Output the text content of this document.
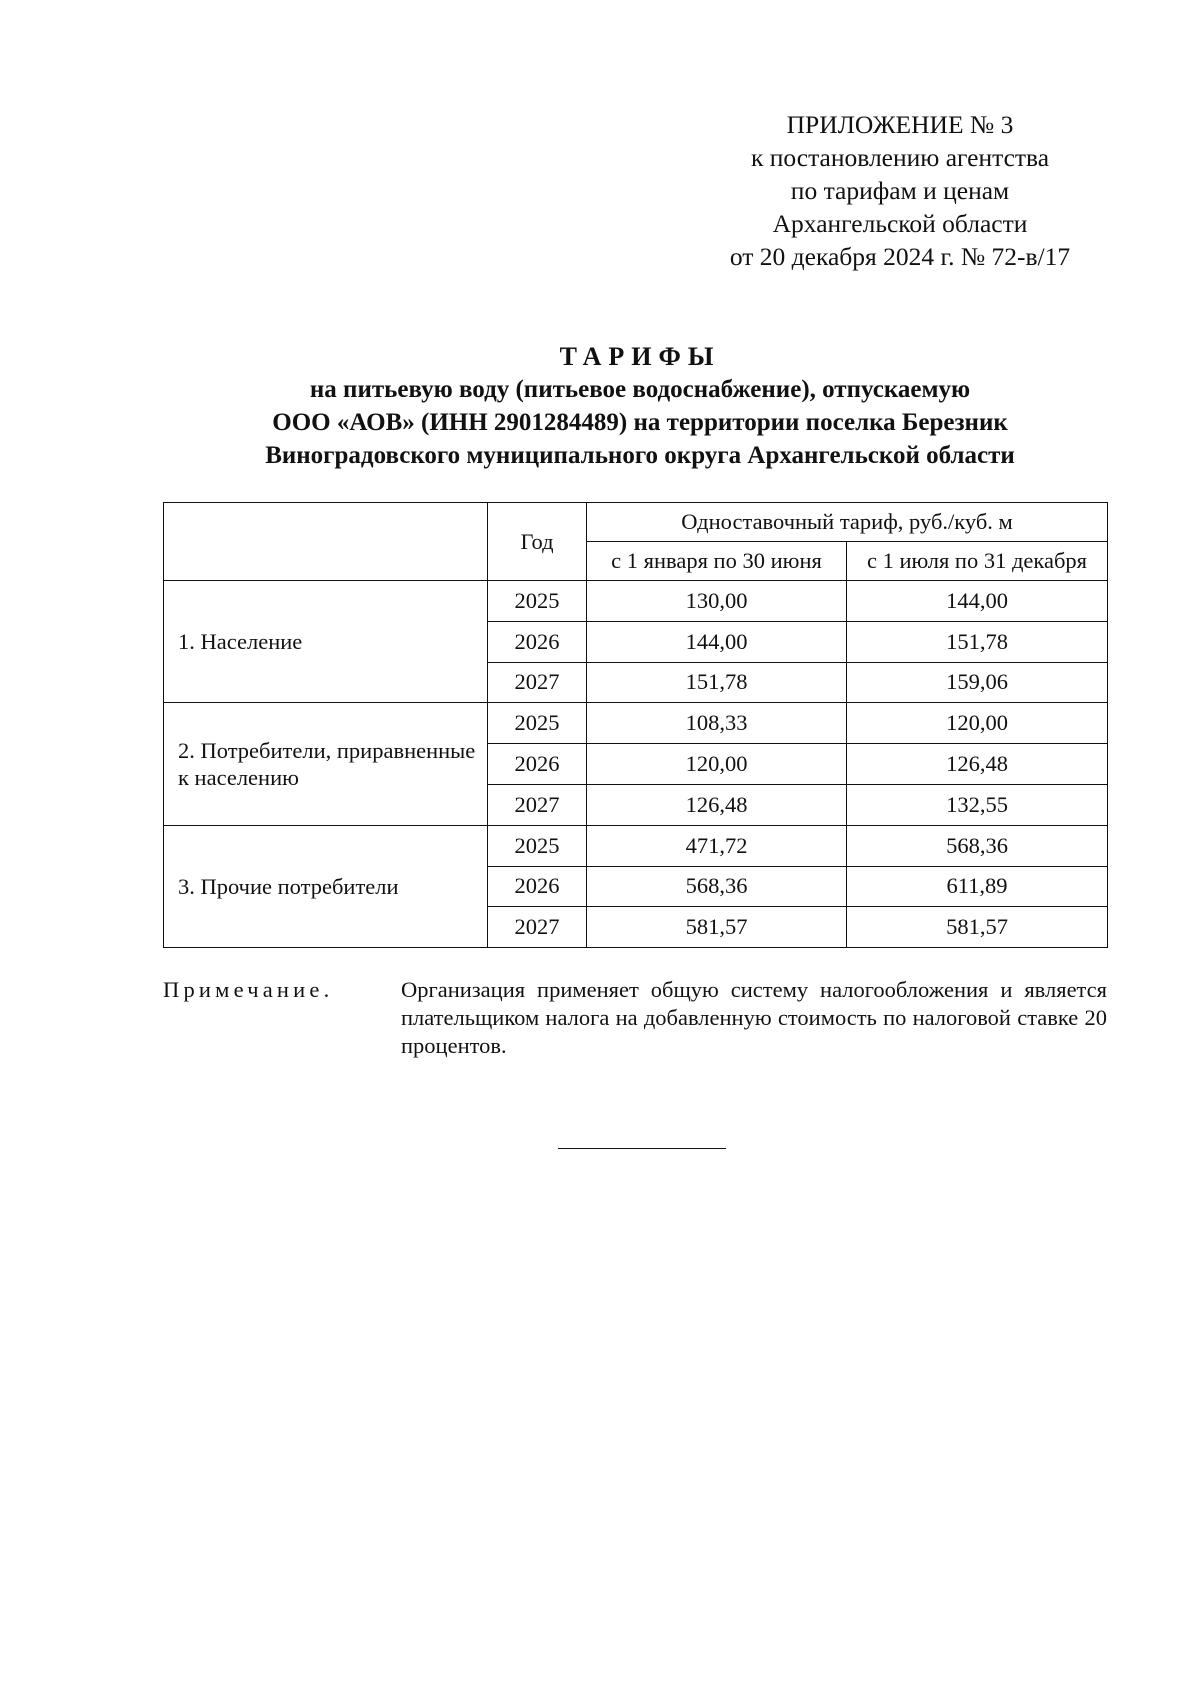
ПРИЛОЖЕНИЕ № 3
к постановлению агентства
по тарифам и ценам
Архангельской области
от 20 декабря 2024 г. № 72-в/17
ТАРИФЫ
на питьевую воду (питьевое водоснабжение), отпускаемую
ООО «АОВ» (ИНН 2901284489) на территории поселка Березник
Виноградовского муниципального округа Архангельской области
	Год	Одноставочный тариф, руб./куб. м	
		с 1 января по 30 июня	с 1 июля по 31 декабря
1. Население	2025	130,00	144,00
	2026	144,00	151,78
	2027	151,78	159,06
2. Потребители, приравненные к населению	2025	108,33	120,00
	2026	120,00	126,48
	2027	126,48	132,55
3. Прочие потребители	2025	471,72	568,36
	2026	568,36	611,89
	2027	581,57	581,57
Примечание.	Организация применяет общую систему налогообложения и является плательщиком налога на добавленную стоимость по налоговой ставке 20 процентов.
